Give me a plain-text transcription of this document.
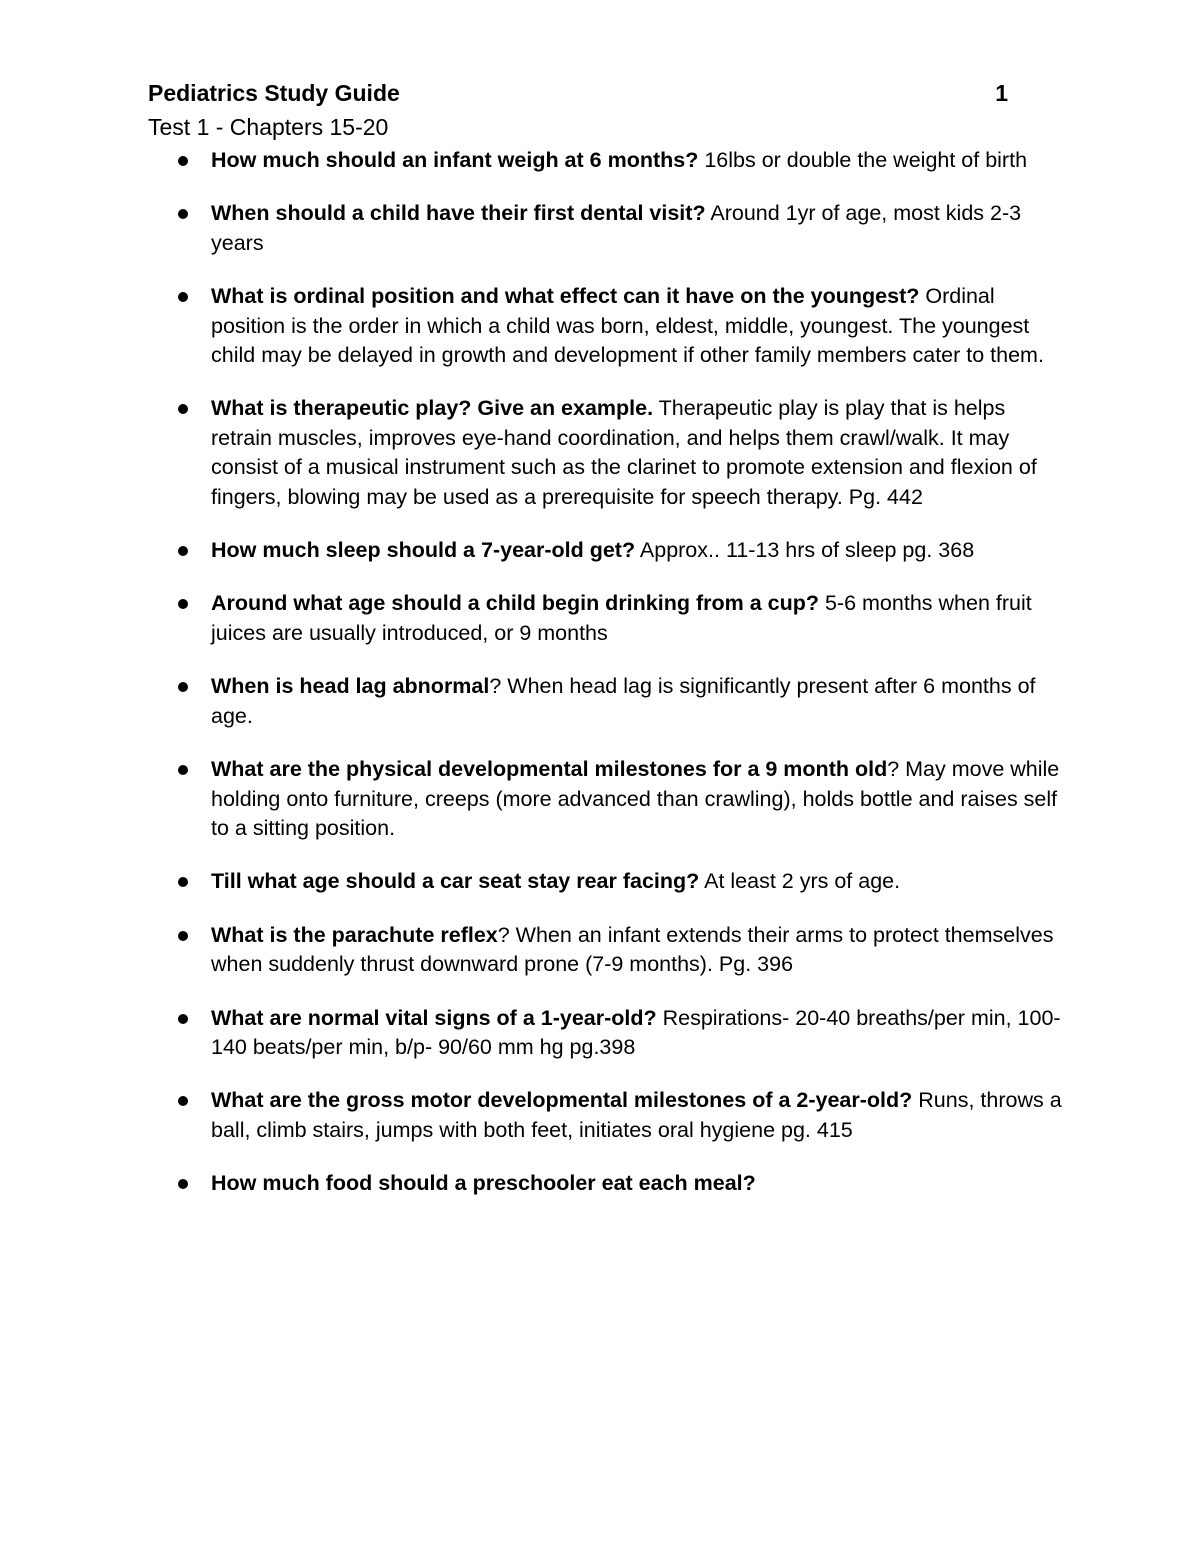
Pediatrics Study Guide	1
Test 1 - Chapters 15-20
How much should an infant weigh at 6 months? 16lbs or double the weight of birth
When should a child have their first dental visit? Around 1yr of age, most kids 2-3 years
What is ordinal position and what effect can it have on the youngest? Ordinal position is the order in which a child was born, eldest, middle, youngest. The youngest child may be delayed in growth and development if other family members cater to them.
What is therapeutic play? Give an example. Therapeutic play is play that is helps retrain muscles, improves eye-hand coordination, and helps them crawl/walk. It may consist of a musical instrument such as the clarinet to promote extension and flexion of fingers, blowing may be used as a prerequisite for speech therapy. Pg. 442
How much sleep should a 7-year-old get? Approx.. 11-13 hrs of sleep pg. 368
Around what age should a child begin drinking from a cup? 5-6 months when fruit juices are usually introduced, or 9 months
When is head lag abnormal? When head lag is significantly present after 6 months of age.
What are the physical developmental milestones for a 9 month old? May move while holding onto furniture, creeps (more advanced than crawling), holds bottle and raises self to a sitting position.
Till what age should a car seat stay rear facing? At least 2 yrs of age.
What is the parachute reflex? When an infant extends their arms to protect themselves when suddenly thrust downward prone (7-9 months). Pg. 396
What are normal vital signs of a 1-year-old? Respirations- 20-40 breaths/per min, 100-140 beats/per min, b/p- 90/60 mm hg pg.398
What are the gross motor developmental milestones of a 2-year-old? Runs, throws a ball, climb stairs, jumps with both feet, initiates oral hygiene pg. 415
How much food should a preschooler eat each meal?
